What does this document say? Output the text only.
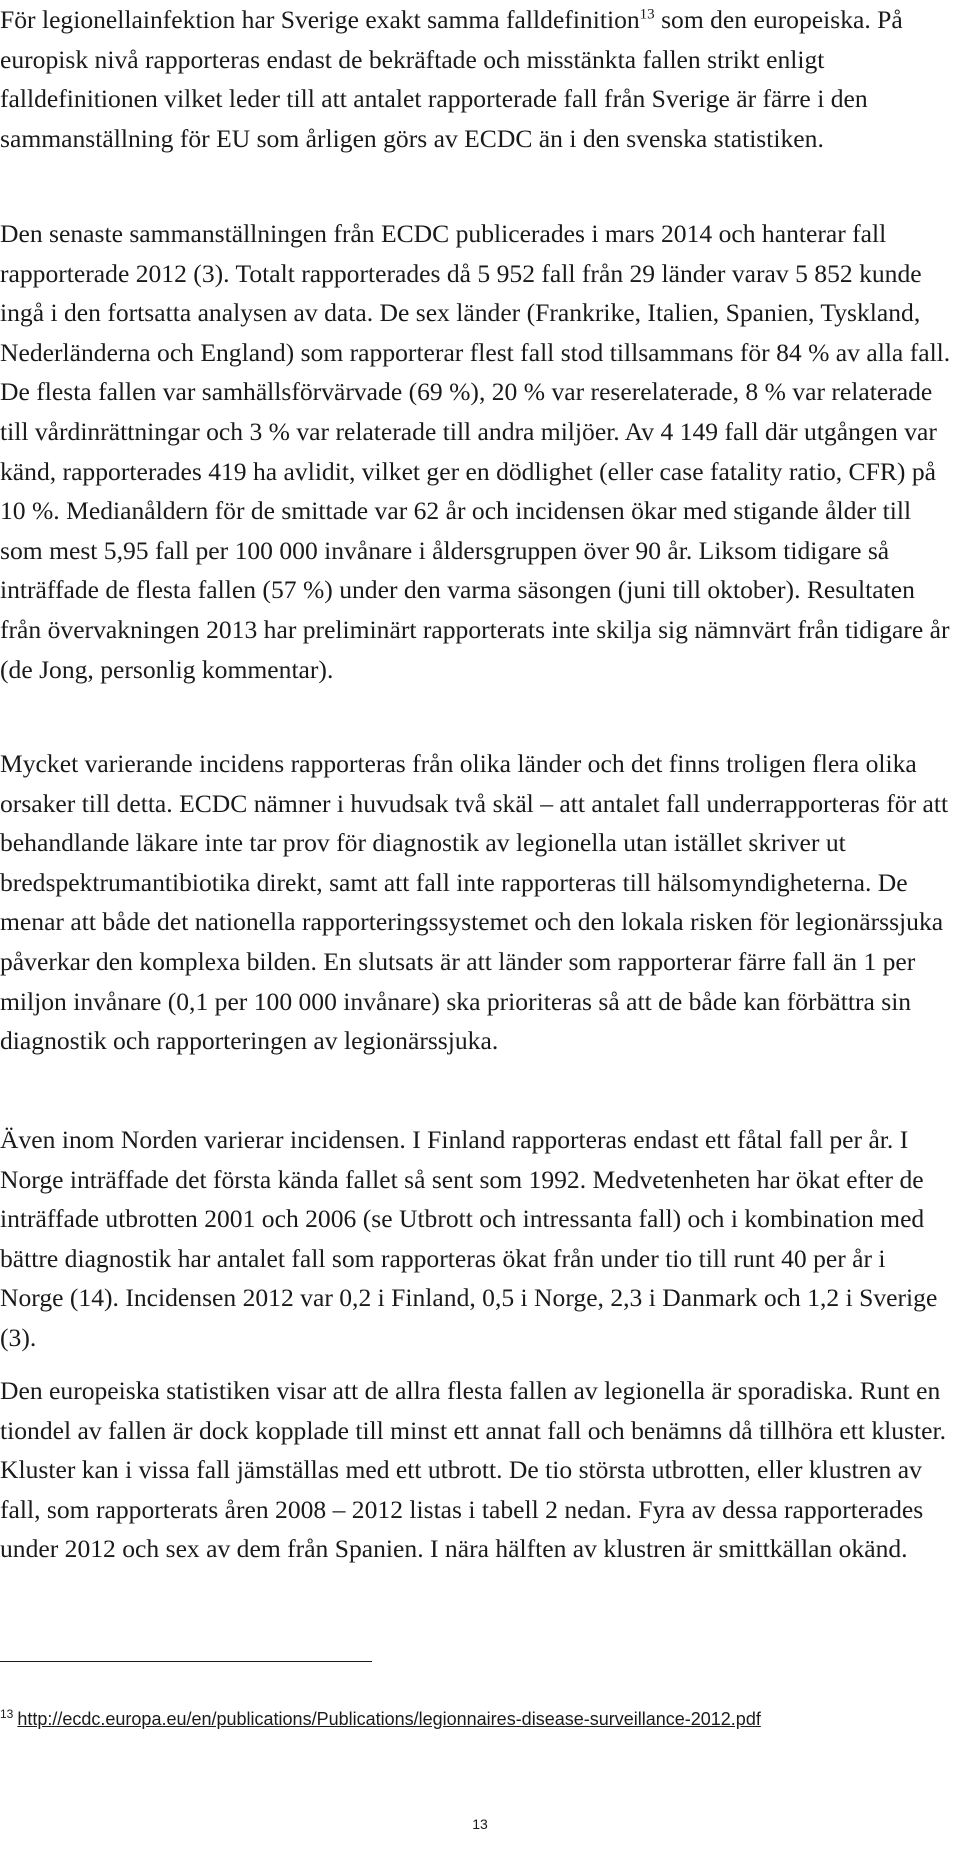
För legionellainfektion har Sverige exakt samma falldefinition$^{13}$ som den europeiska. På europisk nivå rapporteras endast de bekräftade och misstänkta fallen strikt enligt falldefinitionen vilket leder till att antalet rapporterade fall från Sverige är färre i den sammanställning för EU som årligen görs av ECDC än i den svenska statistiken.

Den senaste sammanställningen från ECDC publicerades i mars 2014 och hanterar fall rapporterade 2012 (3). Totalt rapporterades då 5 952 fall från 29 länder varav 5 852 kunde ingå i den fortsatta analysen av data. De sex länder (Frankrike, Italien, Spanien, Tyskland, Nederländerna och England) som rapporterar flest fall stod tillsammans för 84 % av alla fall. De flesta fallen var samhällsförvärvade (69 %), 20 % var reserelaterade, 8 % var relaterade till vårdinrättningar och 3 % var relaterade till andra miljöer. Av 4 149 fall där utgången var känd, rapporterades 419 ha avlidit, vilket ger en dödlighet (eller case fatality ratio, CFR) på 10 %. Medianåldern för de smittade var 62 år och incidensen ökar med stigande ålder till som mest 5,95 fall per 100 000 invånare i åldersgruppen över 90 år. Liksom tidigare så inträffade de flesta fallen (57 %) under den varma säsongen (juni till oktober). Resultaten från övervakningen 2013 har preliminärt rapporterats inte skilja sig nämnvärt från tidigare år (de Jong, personlig kommentar).

Mycket varierande incidens rapporteras från olika länder och det finns troligen flera olika orsaker till detta. ECDC nämner i huvudsak två skäl – att antalet fall underrapporteras för att behandlande läkare inte tar prov för diagnostik av legionella utan istället skriver ut bredspektrumantibiotika direkt, samt att fall inte rapporteras till hälsomyndigheterna. De menar att både det nationella rapporteringssystemet och den lokala risken för legionärssjuka påverkar den komplexa bilden. En slutsats är att länder som rapporterar färre fall än 1 per miljon invånare (0,1 per 100 000 invånare) ska prioriteras så att de både kan förbättra sin diagnostik och rapporteringen av legionärssjuka.

Även inom Norden varierar incidensen. I Finland rapporteras endast ett fåtal fall per år. I Norge inträffade det första kända fallet så sent som 1992. Medvetenheten har ökat efter de inträffade utbrotten 2001 och 2006 (se Utbrott och intressanta fall) och i kombination med bättre diagnostik har antalet fall som rapporteras ökat från under tio till runt 40 per år i Norge (14). Incidensen 2012 var 0,2 i Finland, 0,5 i Norge, 2,3 i Danmark och 1,2 i Sverige (3).

Den europeiska statistiken visar att de allra flesta fallen av legionella är sporadiska. Runt en tiondel av fallen är dock kopplade till minst ett annat fall och benämns då tillhöra ett kluster. Kluster kan i vissa fall jämställas med ett utbrott. De tio största utbrotten, eller klustren av fall, som rapporterats åren 2008 – 2012 listas i tabell 2 nedan. Fyra av dessa rapporterades under 2012 och sex av dem från Spanien. I nära hälften av klustren är smittkällan okänd.

$^{13}$ http://ecdc.europa.eu/en/publications/Publications/legionnaires-disease-surveillance-2012.pdf
13
